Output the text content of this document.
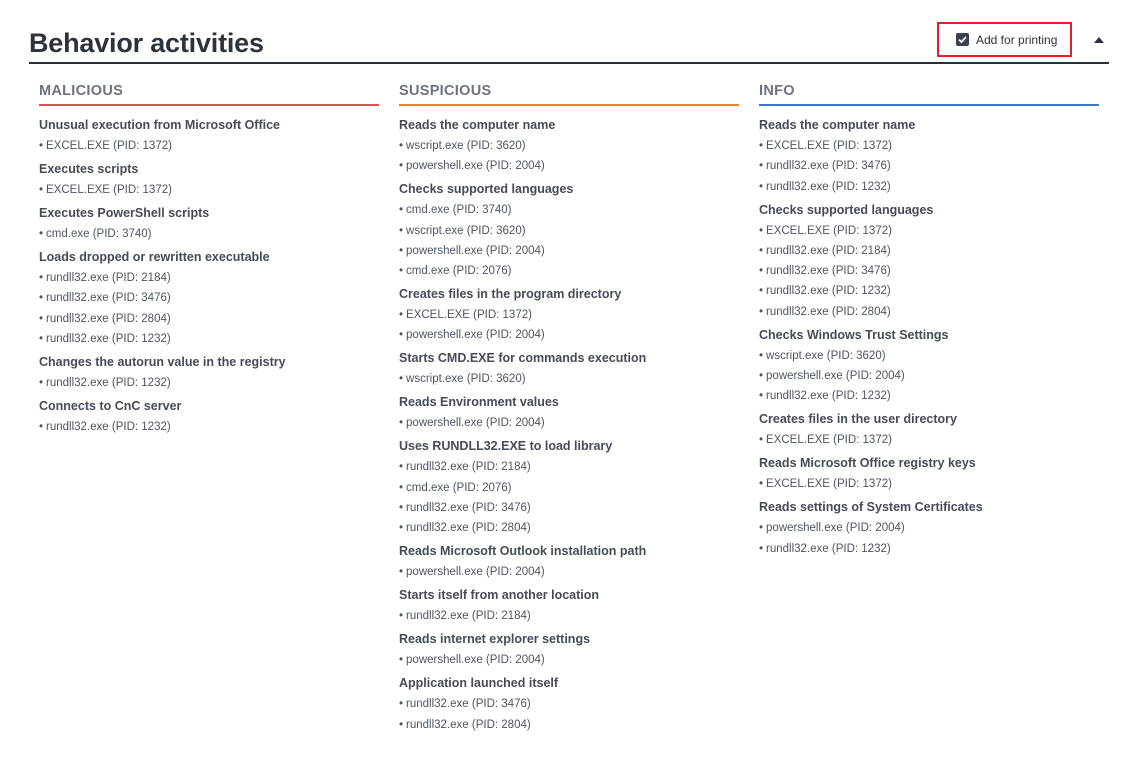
Behavior activities	Add for printing
MALICIOUS
Unusual execution from Microsoft Office
• EXCEL.EXE (PID: 1372)
Executes scripts
• EXCEL.EXE (PID: 1372)
Executes PowerShell scripts
• cmd.exe (PID: 3740)
Loads dropped or rewritten executable
• rundll32.exe (PID: 2184)
• rundll32.exe (PID: 3476)
• rundll32.exe (PID: 2804)
• rundll32.exe (PID: 1232)
Changes the autorun value in the registry
• rundll32.exe (PID: 1232)
Connects to CnC server
• rundll32.exe (PID: 1232)
SUSPICIOUS
Reads the computer name
• wscript.exe (PID: 3620)
• powershell.exe (PID: 2004)
Checks supported languages
• cmd.exe (PID: 3740)
• wscript.exe (PID: 3620)
• powershell.exe (PID: 2004)
• cmd.exe (PID: 2076)
Creates files in the program directory
• EXCEL.EXE (PID: 1372)
• powershell.exe (PID: 2004)
Starts CMD.EXE for commands execution
• wscript.exe (PID: 3620)
Reads Environment values
• powershell.exe (PID: 2004)
Uses RUNDLL32.EXE to load library
• rundll32.exe (PID: 2184)
• cmd.exe (PID: 2076)
• rundll32.exe (PID: 3476)
• rundll32.exe (PID: 2804)
Reads Microsoft Outlook installation path
• powershell.exe (PID: 2004)
Starts itself from another location
• rundll32.exe (PID: 2184)
Reads internet explorer settings
• powershell.exe (PID: 2004)
Application launched itself
• rundll32.exe (PID: 3476)
• rundll32.exe (PID: 2804)
INFO
Reads the computer name
• EXCEL.EXE (PID: 1372)
• rundll32.exe (PID: 3476)
• rundll32.exe (PID: 1232)
Checks supported languages
• EXCEL.EXE (PID: 1372)
• rundll32.exe (PID: 2184)
• rundll32.exe (PID: 3476)
• rundll32.exe (PID: 1232)
• rundll32.exe (PID: 2804)
Checks Windows Trust Settings
• wscript.exe (PID: 3620)
• powershell.exe (PID: 2004)
• rundll32.exe (PID: 1232)
Creates files in the user directory
• EXCEL.EXE (PID: 1372)
Reads Microsoft Office registry keys
• EXCEL.EXE (PID: 1372)
Reads settings of System Certificates
• powershell.exe (PID: 2004)
• rundll32.exe (PID: 1232)
